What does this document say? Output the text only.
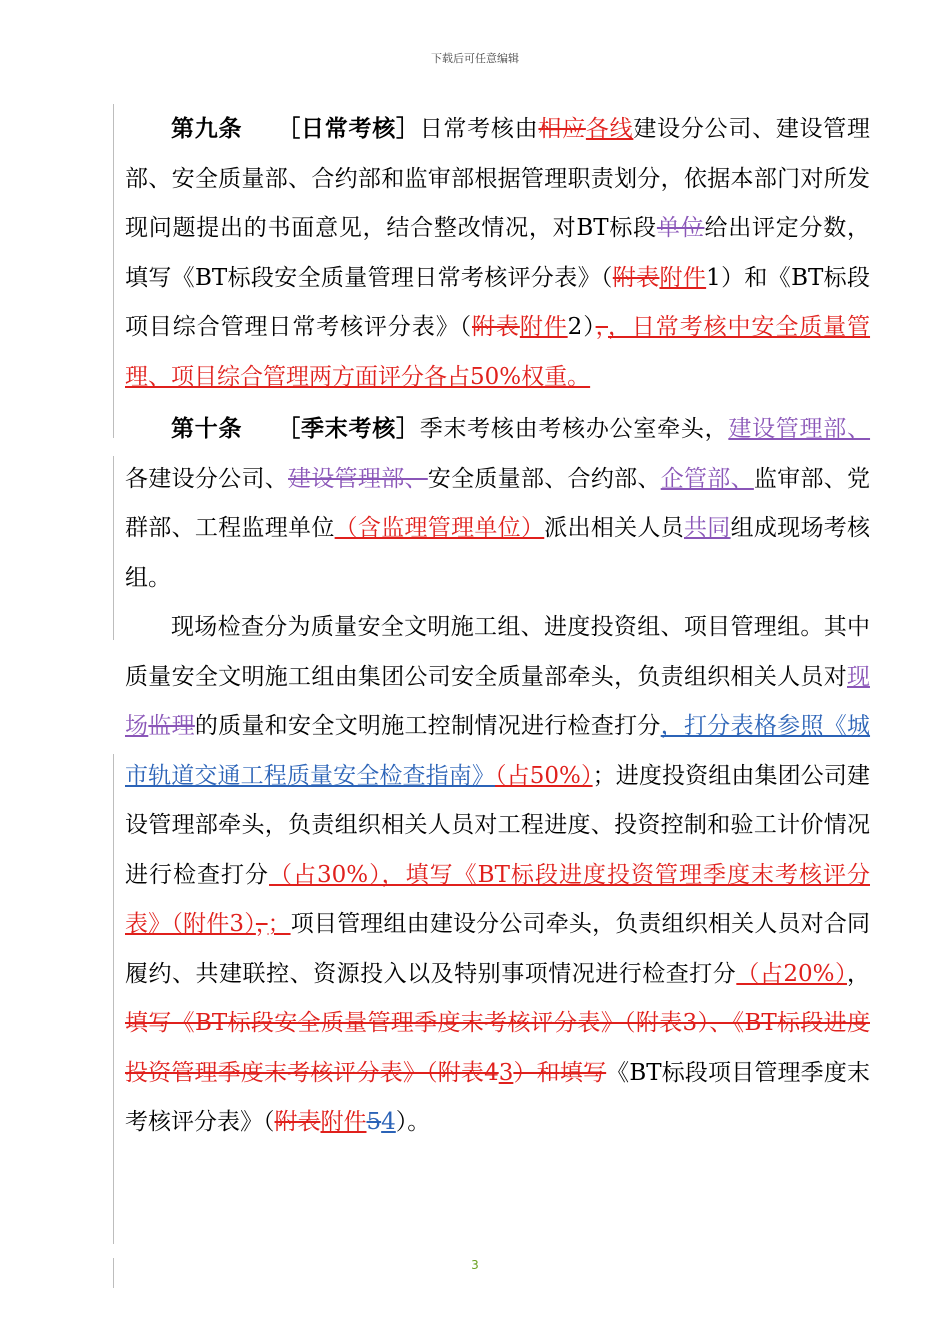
下载后可任意编辑

第九条 ［日常考核］日常考核由相应各线建设分公司、建设管理部、安全质量部、合约部和监审部根据管理职责划分，依据本部门对所发现问题提出的书面意见，结合整改情况，对BT标段单位给出评定分数，填写《BT标段安全质量管理日常考核评分表》（附表附件1）和《BT标段项目综合管理日常考核评分表》（附表附件2），，日常考核中安全质量管理、项目综合管理两方面评分各占50%权重。

第十条 ［季末考核］季末考核由考核办公室牵头，建设管理部、各建设分公司、建设管理部、安全质量部、合约部、企管部、监审部、党群部、工程监理单位（含监理管理单位）派出相关人员共同组成现场考核组。

现场检查分为质量安全文明施工组、进度投资组、项目管理组。其中质量安全文明施工组由集团公司安全质量部牵头，负责组织相关人员对现场监理的质量和安全文明施工控制情况进行检查打分，打分表格参照《城市轨道交通工程质量安全检查指南》（占50%）；进度投资组由集团公司建设管理部牵头，负责组织相关人员对工程进度、投资控制和验工计价情况进行检查打分（占30%），填写《BT标段进度投资管理季度末考核评分表》（附件3），；项目管理组由建设分公司牵头，负责组织相关人员对合同履约、共建联控、资源投入以及特别事项情况进行检查打分（占20%），填写《BT标段安全质量管理季度末考核评分表》（附表3）、《BT标段进度投资管理季度末考核评分表》（附表43）和填写《BT标段项目管理季度末考核评分表》（附表附件54）。

3
